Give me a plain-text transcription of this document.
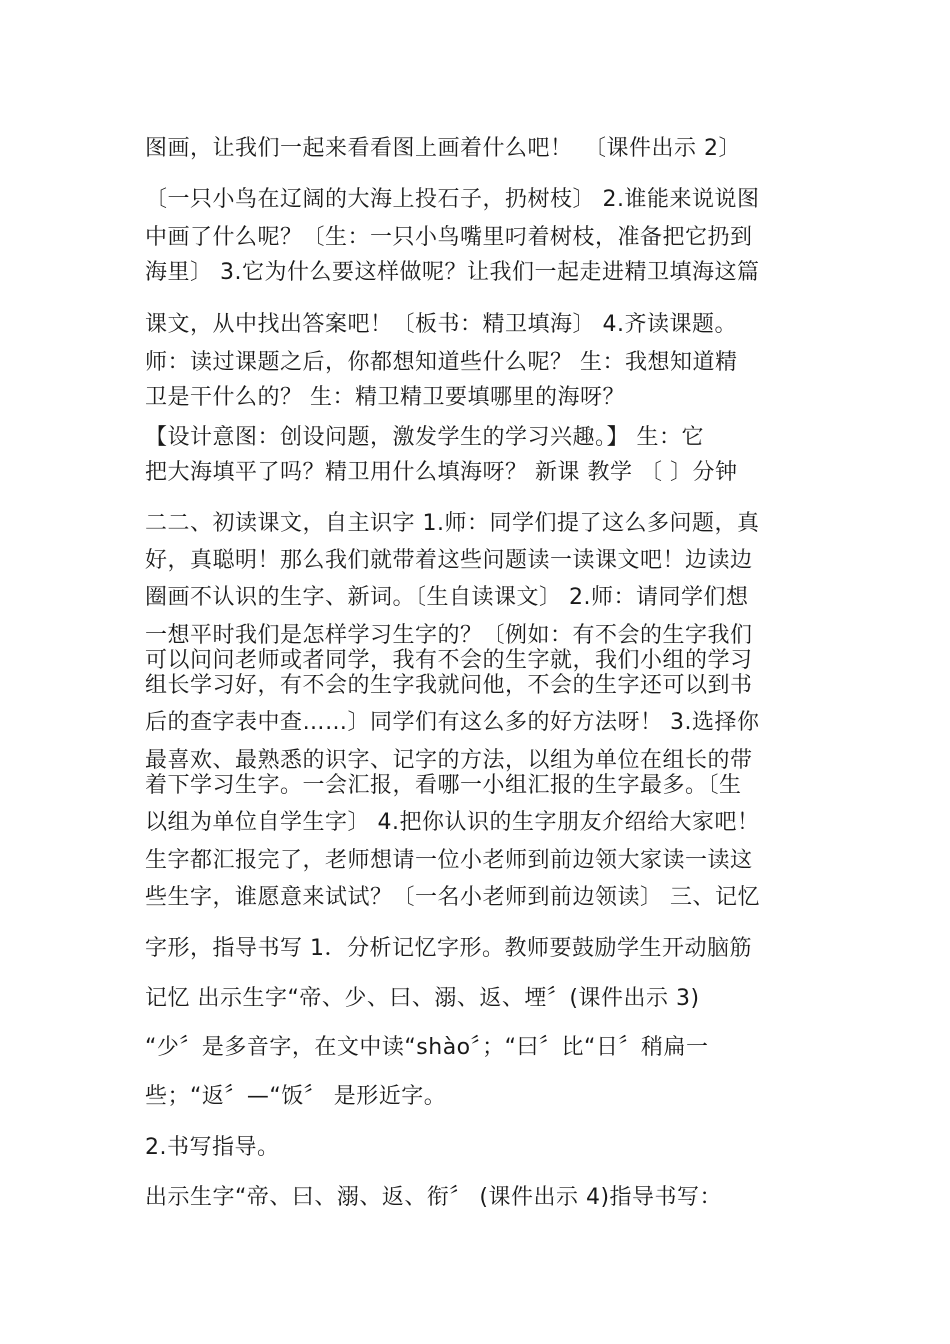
图画，让我们一起来看看图上画着什么吧！　〔课件出示 2〕
〔一只小鸟在辽阔的大海上投石子，扔树枝〕 2.谁能来说说图
中画了什么呢？〔生：一只小鸟嘴里叼着树枝，准备把它扔到
海里〕 3.它为什么要这样做呢？让我们一起走进精卫填海这篇
课文，从中找出答案吧！〔板书：精卫填海〕 4.齐读课题。
师：读过课题之后，你都想知道些什么呢？ 生：我想知道精
卫是干什么的？ 生：精卫精卫要填哪里的海呀？
【设计意图：创设问题，激发学生的学习兴趣。】 生：它
把大海填平了吗？精卫用什么填海呀？ 新课 教学 〔 〕分钟
二二、初读课文，自主识字 1.师：同学们提了这么多问题，真
好，真聪明！那么我们就带着这些问题读一读课文吧！边读边
圈画不认识的生字、新词。〔生自读课文〕 2.师：请同学们想
一想平时我们是怎样学习生字的？〔例如：有不会的生字我们
可以问问老师或者同学，我有不会的生字就，我们小组的学习
组长学习好，有不会的生字我就问他，不会的生字还可以到书
后的查字表中查……〕同学们有这么多的好方法呀！ 3.选择你
最喜欢、最熟悉的识字、记字的方法，以组为单位在组长的带
着下学习生字。一会汇报，看哪一小组汇报的生字最多。〔生
以组为单位自学生字〕 4.把你认识的生字朋友介绍给大家吧！
生字都汇报完了，老师想请一位小老师到前边领大家读一读这
些生字，谁愿意来试试？〔一名小老师到前边领读〕 三、记忆
字形，指导书写 1．分析记忆字形。教师要鼓励学生开动脑筋
记忆 出示生字“帝、少、曰、溺、返、堙〞(课件出示 3)
“少〞是多音字，在文中读“shào〞；“曰〞比“日〞稍扁一
些；“返〞—“饭〞 是形近字。
2.书写指导。
出示生字“帝、曰、溺、返、衔〞 (课件出示 4)指导书写：
